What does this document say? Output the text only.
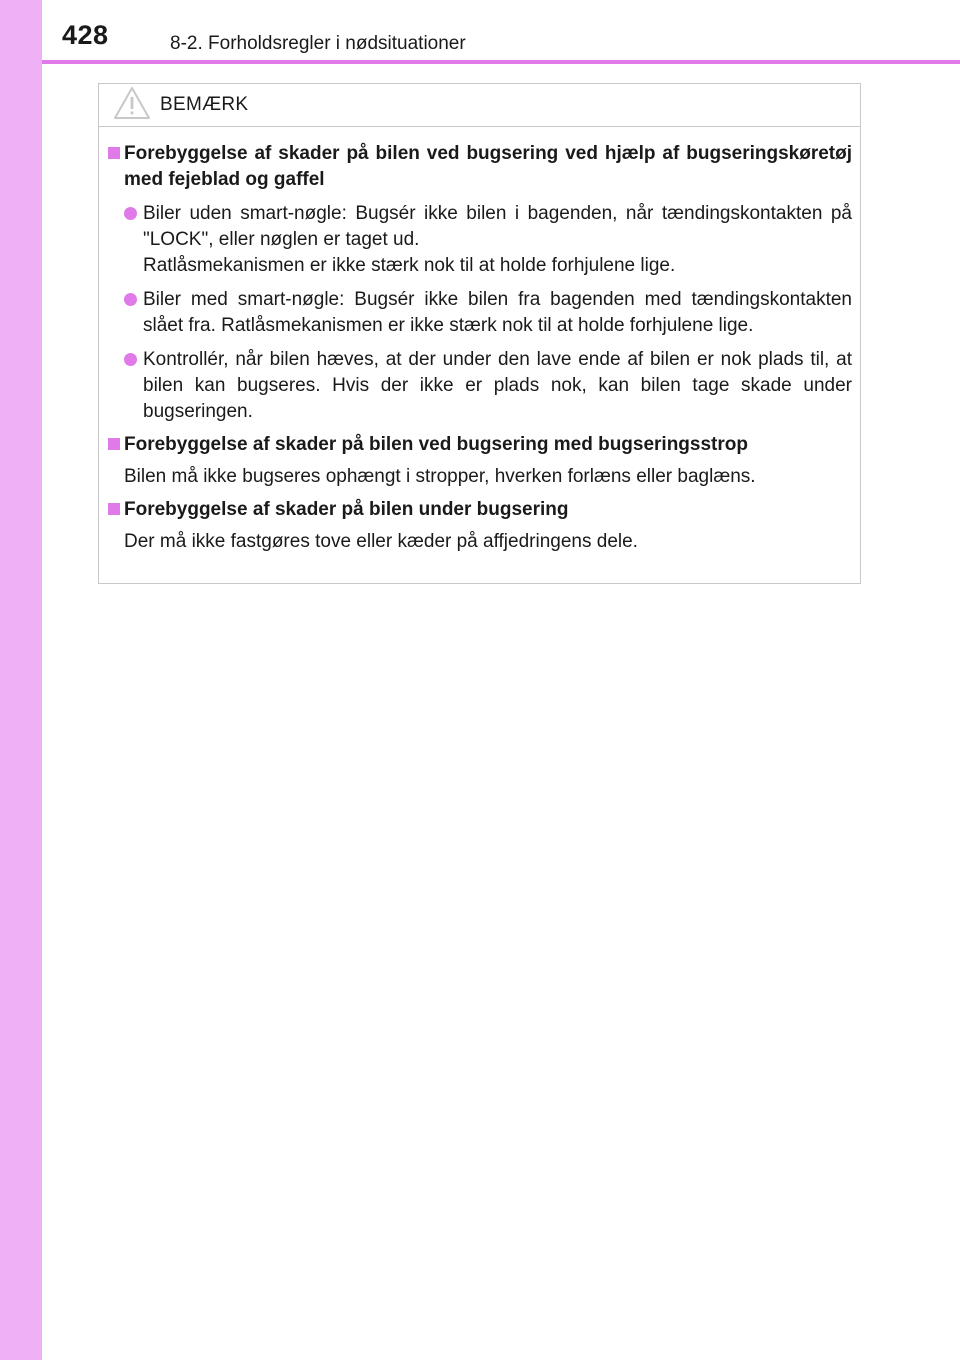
428	8-2. Forholdsregler i nødsituationer
BEMÆRK
Forebyggelse af skader på bilen ved bugsering ved hjælp af bugseringskøretøj med fejeblad og gaffel
Biler uden smart-nøgle: Bugsér ikke bilen i bagenden, når tændingskontakten på "LOCK", eller nøglen er taget ud.
Ratlåsmekanismen er ikke stærk nok til at holde forhjulene lige.
Biler med smart-nøgle: Bugsér ikke bilen fra bagenden med tændingskontakten slået fra. Ratlåsmekanismen er ikke stærk nok til at holde forhjulene lige.
Kontrollér, når bilen hæves, at der under den lave ende af bilen er nok plads til, at bilen kan bugseres. Hvis der ikke er plads nok, kan bilen tage skade under bugseringen.
Forebyggelse af skader på bilen ved bugsering med bugseringsstrop
Bilen må ikke bugseres ophængt i stropper, hverken forlæns eller baglæns.
Forebyggelse af skader på bilen under bugsering
Der må ikke fastgøres tove eller kæder på affjedringens dele.
